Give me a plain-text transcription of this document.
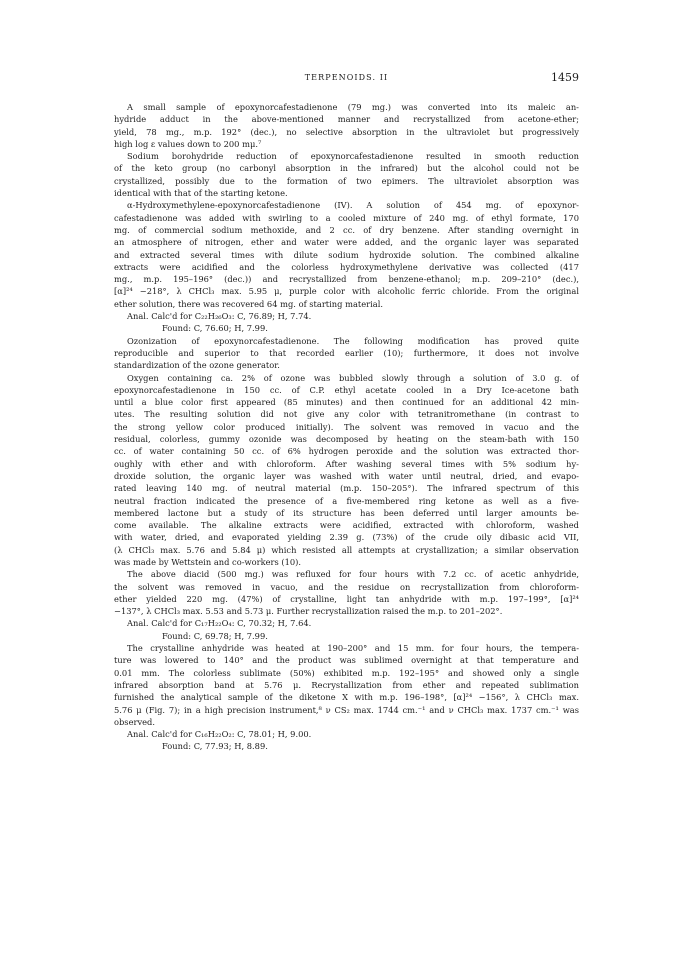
TERPENOIDS. II	1459
A small sample of epoxynorcafestadienone (79 mg.) was converted into its maleic an-
hydride adduct in the above-mentioned manner and recrystallized from acetone-ether;
yield, 78 mg., m.p. 192° (dec.), no selective absorption in the ultraviolet but progressively
high log ε values down to 200 mμ.⁷
Sodium borohydride reduction of epoxynorcafestadienone resulted in smooth reduction
of the keto group (no carbonyl absorption in the infrared) but the alcohol could not be
crystallized, possibly due to the formation of two epimers. The ultraviolet absorption was
identical with that of the starting ketone.
α-Hydroxymethylene-epoxynorcafestadienone (IV). A solution of 454 mg. of epoxynor-
cafestadienone was added with swirling to a cooled mixture of 240 mg. of ethyl formate, 170
mg. of commercial sodium methoxide, and 2 cc. of dry benzene. After standing overnight in
an atmosphere of nitrogen, ether and water were added, and the organic layer was separated
and extracted several times with dilute sodium hydroxide solution. The combined alkaline
extracts were acidified and the colorless hydroxymethylene derivative was collected (417
mg., m.p. 195–196° (dec.)) and recrystallized from benzene-ethanol; m.p. 209–210° (dec.),
[α]²⁴ −218°, λ CHCl₃ max. 5.95 μ, purple color with alcoholic ferric chloride. From the original
ether solution, there was recovered 64 mg. of starting material.
Anal. Calc'd for C₂₂H₂₆O₃: C, 76.89; H, 7.74.
Found: C, 76.60; H, 7.99.
Ozonization of epoxynorcafestadienone. The following modification has proved quite
reproducible and superior to that recorded earlier (10); furthermore, it does not involve
standardization of the ozone generator.
Oxygen containing ca. 2% of ozone was bubbled slowly through a solution of 3.0 g. of
epoxynorcafestadienone in 150 cc. of C.P. ethyl acetate cooled in a Dry Ice-acetone bath
until a blue color first appeared (85 minutes) and then continued for an additional 42 min-
utes. The resulting solution did not give any color with tetranitromethane (in contrast to
the strong yellow color produced initially). The solvent was removed in vacuo and the
residual, colorless, gummy ozonide was decomposed by heating on the steam-bath with 150
cc. of water containing 50 cc. of 6% hydrogen peroxide and the solution was extracted thor-
oughly with ether and with chloroform. After washing several times with 5% sodium hy-
droxide solution, the organic layer was washed with water until neutral, dried, and evapo-
rated leaving 140 mg. of neutral material (m.p. 150–205°). The infrared spectrum of this
neutral fraction indicated the presence of a five-membered ring ketone as well as a five-
membered lactone but a study of its structure has been deferred until larger amounts be-
come available. The alkaline extracts were acidified, extracted with chloroform, washed
with water, dried, and evaporated yielding 2.39 g. (73%) of the crude oily dibasic acid VII,
(λ CHCl₃ max. 5.76 and 5.84 μ) which resisted all attempts at crystallization; a similar observation
was made by Wettstein and co-workers (10).
The above diacid (500 mg.) was refluxed for four hours with 7.2 cc. of acetic anhydride,
the solvent was removed in vacuo, and the residue on recrystallization from chloroform-
ether yielded 220 mg. (47%) of crystalline, light tan anhydride with m.p. 197–199°, [α]²⁴
−137°, λ CHCl₃ max. 5.53 and 5.73 μ. Further recrystallization raised the m.p. to 201–202°.
Anal. Calc'd for C₁₇H₂₂O₄: C, 70.32; H, 7.64.
Found: C, 69.78; H, 7.99.
The crystalline anhydride was heated at 190–200° and 15 mm. for four hours, the tempera-
ture was lowered to 140° and the product was sublimed overnight at that temperature and
0.01 mm. The colorless sublimate (50%) exhibited m.p. 192–195° and showed only a single
infrared absorption band at 5.76 μ. Recrystallization from ether and repeated sublimation
furnished the analytical sample of the diketone X with m.p. 196–198°, [α]²⁴ −156°, λ CHCl₃ max.
5.76 μ (Fig. 7); in a high precision instrument,⁸ ν CS₂ max. 1744 cm.⁻¹ and ν CHCl₃ max. 1737 cm.⁻¹ was
observed.
Anal. Calc'd for C₁₆H₂₂O₂: C, 78.01; H, 9.00.
Found: C, 77.93; H, 8.89.
